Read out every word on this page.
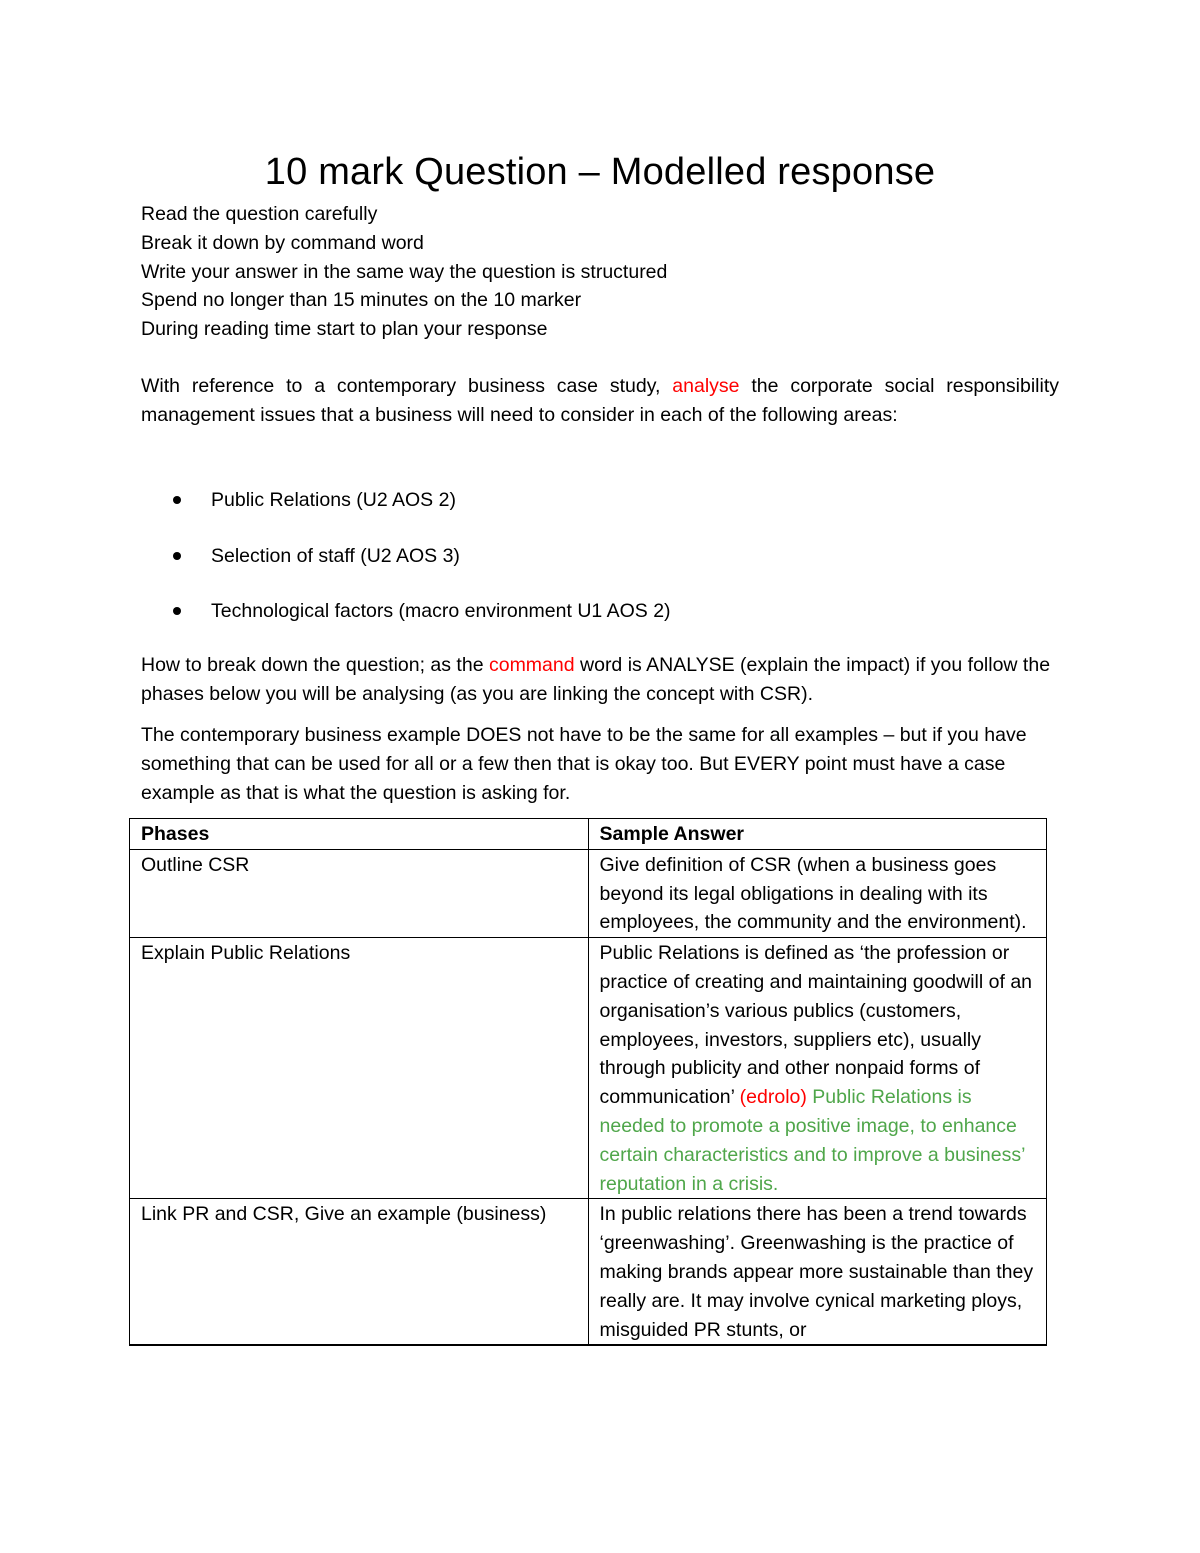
10 mark Question – Modelled response
Read the question carefully
Break it down by command word
Write your answer in the same way the question is structured
Spend no longer than 15 minutes on the 10 marker
During reading time start to plan your response

With reference to a contemporary business case study, analyse the corporate social responsibility management issues that a business will need to consider in each of the following areas:

Public Relations (U2 AOS 2)
Selection of staff (U2 AOS 3)
Technological factors (macro environment U1 AOS 2)

How to break down the question; as the command word is ANALYSE (explain the impact) if you follow the phases below you will be analysing (as you are linking the concept with CSR).

The contemporary business example DOES not have to be the same for all examples – but if you have something that can be used for all or a few then that is okay too. But EVERY point must have a case example as that is what the question is asking for.

Phases	Sample Answer
Outline CSR	Give definition of CSR (when a business goes beyond its legal obligations in dealing with its employees, the community and the environment).
Explain Public Relations	Public Relations is defined as ‘the profession or practice of creating and maintaining goodwill of an organisation’s various publics (customers, employees, investors, suppliers etc), usually through publicity and other nonpaid forms of communication’ (edrolo) Public Relations is needed to promote a positive image, to enhance certain characteristics and to improve a business’ reputation in a crisis.
Link PR and CSR, Give an example (business)	In public relations there has been a trend towards ‘greenwashing’. Greenwashing is the practice of making brands appear more sustainable than they really are. It may involve cynical marketing ploys, misguided PR stunts, or
